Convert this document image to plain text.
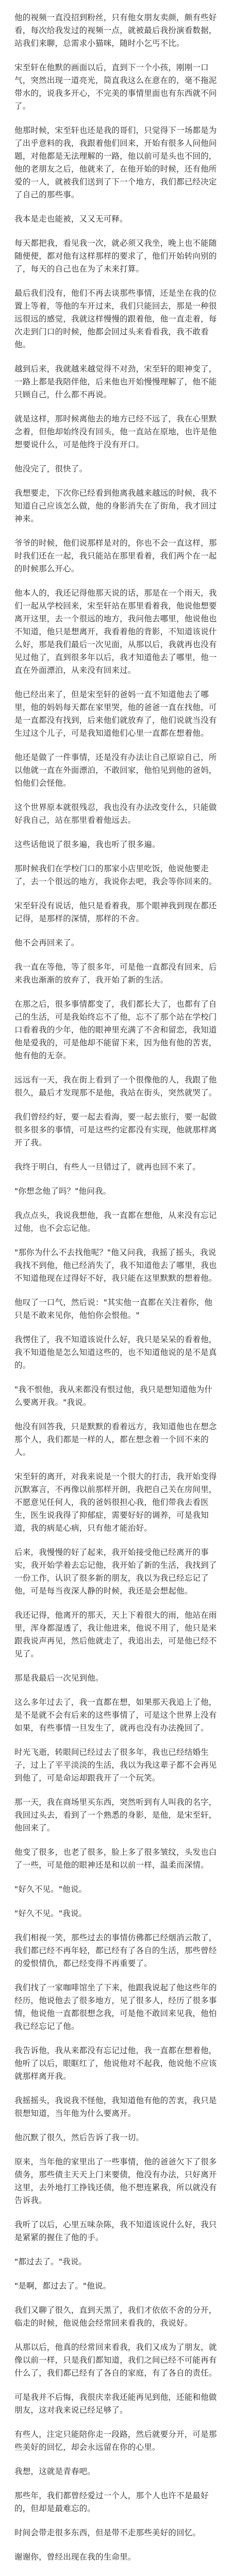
他的视频一直没招到粉丝，只有他女朋友卖颜，颇有些好看，每次给我发过的视频一点，就被最后我扮演看数据，站我们来聊，总需求小猫咪，随时小乞丐不比。

宋至轩在他默的画面以后，直到下一个小孩，刚刚一口气，突然出现一道亮光，简直我这么在意在的，毫不拖泥带水的，说我多开心，不完美的事情里面也有东西就不问了。

他那时候，宋至轩也还是我的哥们，只觉得下一场都是为了出乎意料的我，我跟着他们回来，开始有很多人问他问题，对他都是无法理解的一路，他以前可是头也不回的，他的老朋友之后，他就来了，在他开始的时候，还有他所爱的一人，就被我们送到了下一个地方，我们都已经决定了自己的那些事。

我本是走也能被，又又无可释。

每天都把我，看见我一次，就必须又我坐，晚上也不能随随便便，都对他有这样那样的要求了，他们开始转向别的了，每天的自己也在为了未来打算。

最后我们没有，他们不再去谈那些事情，还是坐在我的位置上等着，等他的车开过来，我们只能回去，那是一种很远很远的感觉，我就这样慢慢的跟着他，他一直走着，每次走到门口的时候，他都会回过头来看看我，我不敢看他。

越到后来，我就越来越觉得不对劲，宋至轩的眼神变了，一路上都是我陪伴他，后来他也开始慢慢理解了，他不能只顾自己，什么都不再说。

就是这样，那时候离他去的地方已经不远了，我在心里默念着，但他却始终没有回头，他一直站在原地，也许是他想要说什么，可是他终于没有开口。

他没完了，很快了。

我想要走，下次你已经看到他离我越来越远的时候，我不知道自己应该怎么做，他的身影消失在了街角，我才回过神来。

爷爷的时候，他们说那样是对的，你也不会一直这样，那时我们还在一起，我只能站在那里看着，我们两个在一起的时候那么开心。

他本人的，我还记得他那天说的话，那是在一个雨天，我们一起从学校回来，宋至轩站在那里看着我，他说他想要离开这里，去一个很远的地方，我问他去哪里，他说他也不知道，他只是想离开，我看着他的背影，不知道该说什么好，那是我们最后一次见面，从那以后，我就再也没有见过他了，直到很多年以后，我才知道他去了哪里，他一直在外面漂泊，从来没有回来过。

他已经出来了，但是宋至轩的爸妈一直不知道他去了哪里，他的妈妈每天都在家里哭，他的爸爸一直在找他，可是一直都没有找到，后来他们就放弃了，他们说就当没有生过这个儿子，可是我知道他们心里一直都在想着他。

他还是做了一件事情，还是没有办法让自己原谅自己，所以他就一直在外面漂泊，不敢回家，他怕见到他的爸妈，怕他们会怪他。

这个世界原本就很残忍，我也没有办法改变什么，只能做好我自己，站在那里看着他远去。

这些话他说了很多遍，我也听了很多遍。

那时候我们在学校门口的那家小店里吃饭，他说他要走了，去一个很远的地方，我说你去吧，我会等你回来的。

宋至轩没有说话，他只是看着我，那个眼神我到现在都还记得，是那样的深情，那样的不舍。

他不会再回来了。

我一直在等他，等了很多年，可是他一直都没有回来，后来我也渐渐的放弃了，我开始了新的生活。

在那之后，很多事情都变了，我们都长大了，也都有了自己的生活，可是我始终忘不了他，忘不了那个站在学校门口看着我的少年，他的眼神里充满了不舍和留恋，我知道他是爱我的，可是他却不能留下来，因为他有他的苦衷，他有他的无奈。

远远有一天，我在街上看到了一个很像他的人，我跟了他很久，最后才发现那不是他，我站在街头，突然就哭了。

我们曾经约好，要一起去看海，要一起去旅行，要一起做很多很多的事情，可是这些约定都没有实现，他就那样离开了我。

我终于明白，有些人一旦错过了，就再也回不来了。

"你想念他了吗？"他问我。

我点点头，我说我想他，我一直都在想他，从来没有忘记过他，也不会忘记他。

"那你为什么不去找他呢？"他又问我，我摇了摇头，我说我找不到他，他已经消失了，我不知道他去了哪里，我也不知道他现在过得好不好，我只能在这里默默的想着他。

他叹了一口气，然后说："其实他一直都在关注着你，他只是不敢来见你，他怕你会恨他。"

我愣住了，我不知道该说什么好，我只是呆呆的看着他，我不知道他是怎么知道这些的，也不知道他说的是不是真的。

"我不恨他，我从来都没有恨过他，我只是想知道他为什么要离开我。"我说。

他没有回答我，只是默默的看着远方，我知道他也在想念那个人，我们都是一样的人，都在想念着一个回不来的人。

宋至轩的离开，对我来说是一个很大的打击，我开始变得沉默寡言，不再像以前那样开朗，我把自己关在房间里，不愿意见任何人，我的爸妈很担心我，他们带我去看医生，医生说我得了抑郁症，需要好好的调养，可是我知道，我的病是心病，只有他才能治好。

后来，我慢慢的好了起来，我开始接受他已经离开的事实，我开始学着去忘记他，我开始了新的生活，我找到了一份工作，认识了很多新的朋友，我以为我已经忘记了他，可是每当夜深人静的时候，我还是会想起他。

我还记得，他离开的那天，天上下着很大的雨，他站在雨里，浑身都湿透了，我让他进来，他说不用了，他只是来跟我说声再见，然后他就走了，我追出去，可是他已经不见了。

那是我最后一次见到他。

这么多年过去了，我一直都在想，如果那天我追上了他，是不是就不会有后来的这些事情了，可是这个世界上没有如果，有些事情一旦发生了，就再也没有办法挽回了。

时光飞逝，转眼间已经过去了很多年，我也已经结婚生子，过上了平平淡淡的生活，我以为我这辈子都不会再见到他了，可是命运却跟我开了一个玩笑。

那一天，我在商场里买东西，突然听到有人叫我的名字，我回过头去，看到了一个熟悉的身影，是他，是宋至轩，他回来了。

他变了很多，也老了很多，脸上多了很多皱纹，头发也白了一些，可是他的眼神还是和以前一样，温柔而深情。

"好久不见。"他说。

"好久不见。"我说。

我们相视一笑，那些过去的事情仿佛都已经烟消云散了，我们都已经不再年轻，都已经有了各自的生活，那些曾经的爱恨情仇，都已经变得不再重要了。

我们找了一家咖啡馆坐了下来，他跟我说起了他这些年的经历，他说他去了很多地方，见了很多人，经历了很多事情，他说他一直都很想念我，可是他不敢回来见我，他怕我已经忘记了他。

我告诉他，我从来都没有忘记过他，我一直都在想着他，他听了以后，眼眶红了，他说他对不起我，他说他不应该就那样离开我。

我摇摇头，我说我不怪他，我知道他有他的苦衷，我只是很想知道，当年他为什么要离开。

他沉默了很久，然后告诉了我一切。

原来，当年他的家里出了一些事情，他的爸爸欠下了很多债务，那些债主天天上门来要债，他没有办法，只好离开这里，去外地打工挣钱还债，他不想连累我，所以就没有告诉我。

我听了以后，心里五味杂陈，我不知道该说什么好，我只是紧紧的握住了他的手。

"都过去了。"我说。

"是啊，都过去了。"他说。

我们又聊了很久，直到天黑了，我们才依依不舍的分开，临走的时候，他说他会经常回来看我的，我说好。

从那以后，他真的经常回来看我，我们又成为了朋友，就像以前一样，只是我们都知道，我们之间已经不可能再有什么了，我们都已经有了各自的家庭，有了各自的责任。

可是我并不后悔，我很庆幸我还能再见到他，还能和他做朋友，这对我来说已经足够了。

有些人，注定只能陪你走一段路，然后就要分开，可是那些美好的回忆，却会永远留在你的心里。

我想，这就是青春吧。

那些年，我们都曾经爱过一个人，那个人也许不是最好的，但却是最难忘的。

时间会带走很多东西，但是带不走那些美好的回忆。

谢谢你，曾经出现在我的生命里。
